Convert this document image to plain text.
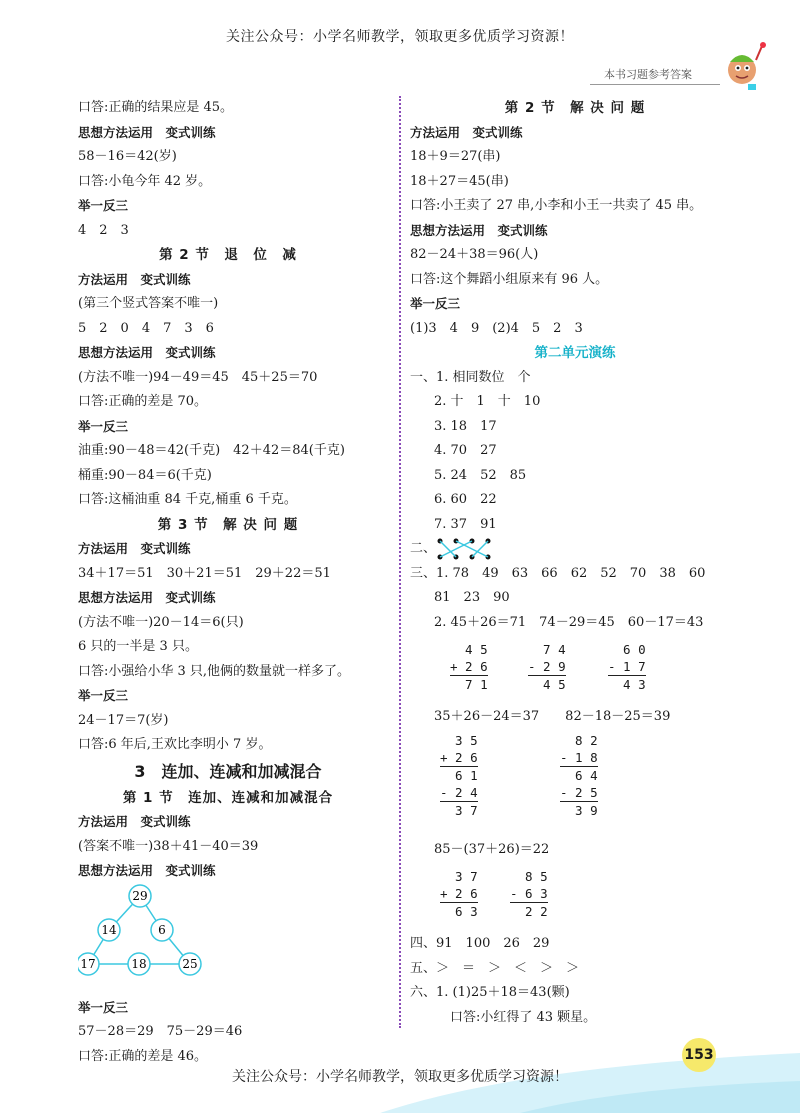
关注公众号：小学名师教学，领取更多优质学习资源！
本书习题参考答案
口答:正确的结果应是 45。
思想方法运用　变式训练
58－16＝42(岁)
口答:小龟今年 42 岁。
举一反三
4　2　3
第 2 节　退　位　减
方法运用　变式训练
(第三个竖式答案不唯一)
5　2　0　4　7　3　6
思想方法运用　变式训练
(方法不唯一)94－49＝45　45＋25＝70
口答:正确的差是 70。
举一反三
油重:90－48＝42(千克)　42＋42＝84(千克)
桶重:90－84＝6(千克)
口答:这桶油重 84 千克,桶重 6 千克。
第 3 节　解 决 问 题
方法运用　变式训练
34＋17＝51　30＋21＝51　29＋22＝51
思想方法运用　变式训练
(方法不唯一)20－14＝6(只)
6 只的一半是 3 只。
口答:小强给小华 3 只,他俩的数量就一样多了。
举一反三
24－17＝7(岁)
口答:6 年后,王欢比李明小 7 岁。
3　连加、连减和加减混合
第 1 节　连加、连减和加减混合
方法运用　变式训练
(答案不唯一)38＋41－40＝39
思想方法运用　变式训练
29
14	6
17	18	25
举一反三
57－28＝29　75－29＝46
口答:正确的差是 46。
第 2 节　解 决 问 题
方法运用　变式训练
18＋9＝27(串)
18＋27＝45(串)
口答:小王卖了 27 串,小李和小王一共卖了 45 串。
思想方法运用　变式训练
82－24＋38＝96(人)
口答:这个舞蹈小组原来有 96 人。
举一反三
(1)3　4　9　(2)4　5　2　3
第二单元演练
一、1. 相同数位　个
2. 十　1　十　10
3. 18　17
4. 70　27
5. 24　52　85
6. 60　22
7. 37　91
二、
三、1. 78　49　63　66　62　52　70　38　60
81　23　90
2. 45＋26＝71　74－29＝45　60－17＝43
4 5
+ 2 6
7 1
7 4
- 2 9
4 5
6 0
- 1 7
4 3
35＋26－24＝37　　82－18－25＝39
3 5
+ 2 6
6 1
- 2 4
3 7
8 2
- 1 8
6 4
- 2 5
3 9
85－(37＋26)＝22
3 7
+ 2 6
6 3
8 5
- 6 3
2 2
四、91　100　26　29
五、＞　＝　＞　＜　＞　＞
六、1. (1)25＋18＝43(颗)
口答:小红得了 43 颗星。
153
关注公众号：小学名师教学，领取更多优质学习资源！
